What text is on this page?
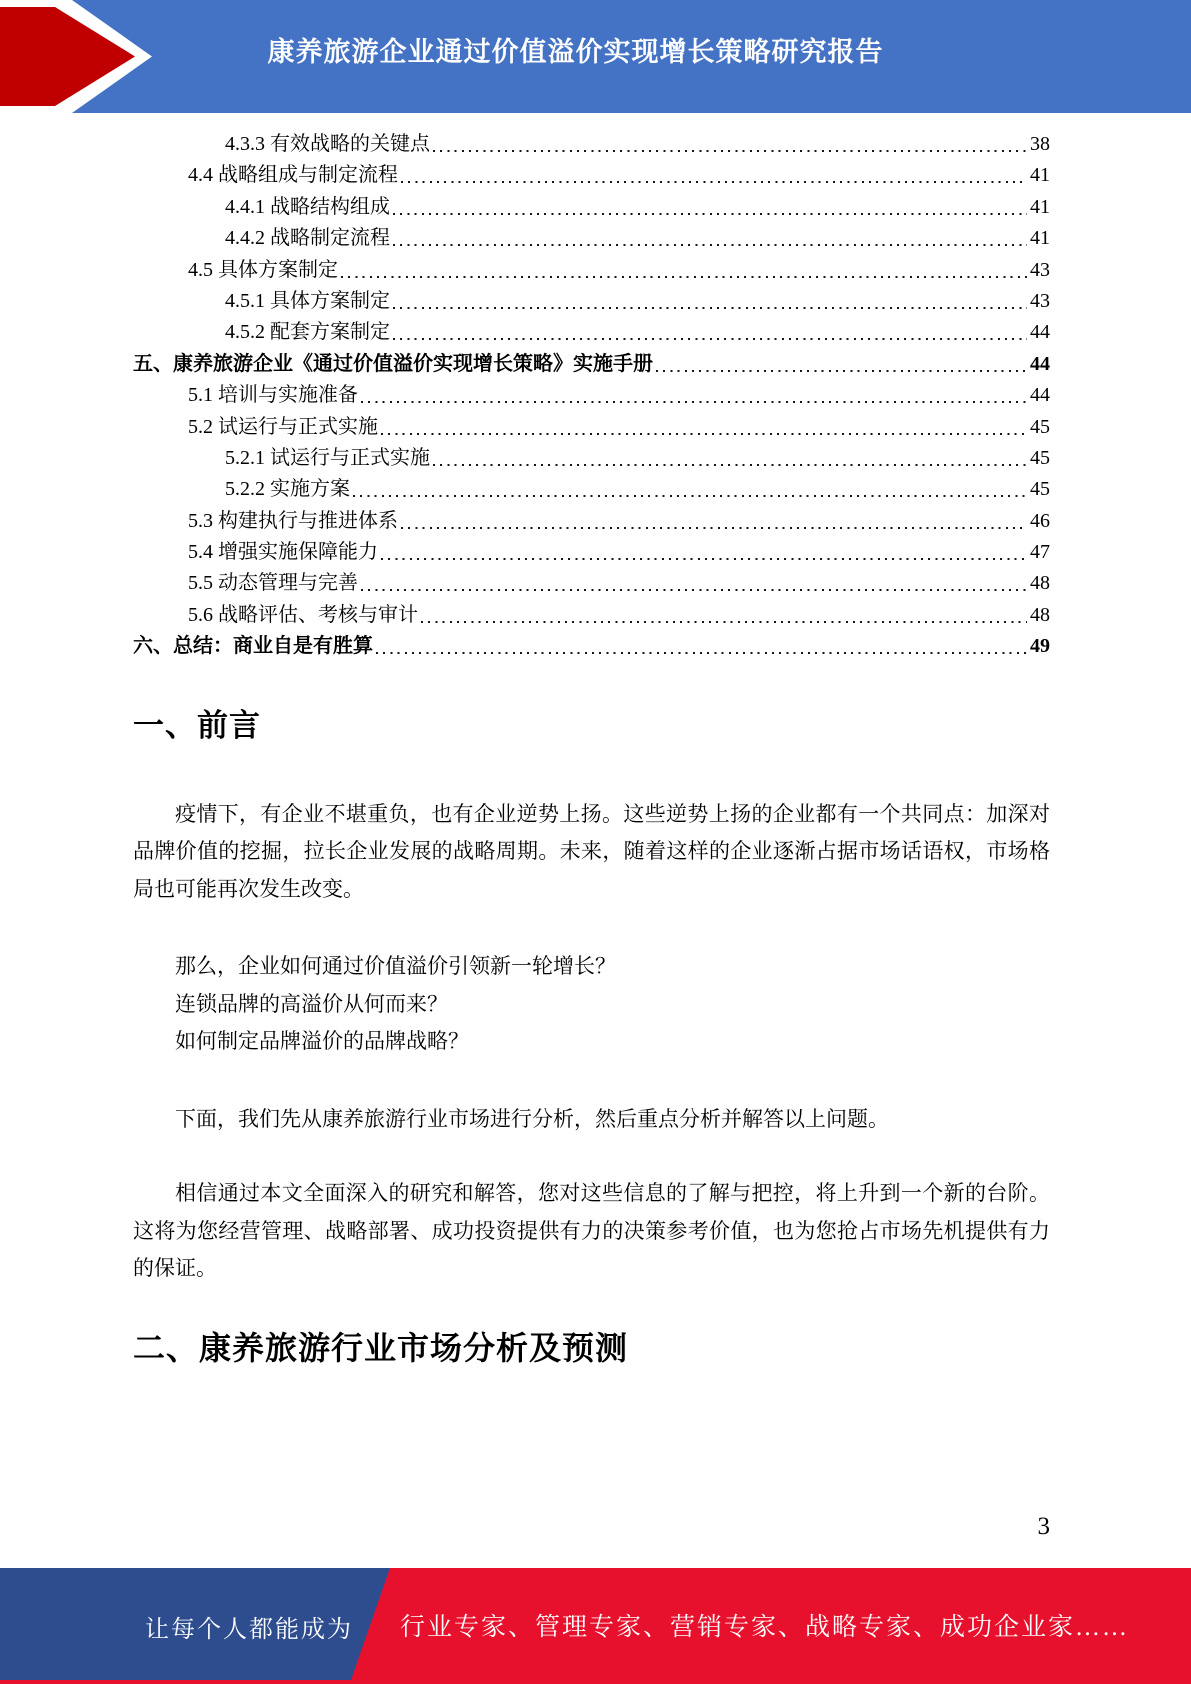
康养旅游企业通过价值溢价实现增长策略研究报告
4.3.3 有效战略的关键点	38
4.4 战略组成与制定流程	41
4.4.1 战略结构组成	41
4.4.2 战略制定流程	41
4.5 具体方案制定	43
4.5.1 具体方案制定	43
4.5.2 配套方案制定	44
五、康养旅游企业《通过价值溢价实现增长策略》实施手册	44
5.1 培训与实施准备	44
5.2 试运行与正式实施	45
5.2.1 试运行与正式实施	45
5.2.2 实施方案	45
5.3 构建执行与推进体系	46
5.4 增强实施保障能力	47
5.5 动态管理与完善	48
5.6 战略评估、考核与审计	48
六、总结：商业自是有胜算	49
一、前言

疫情下，有企业不堪重负，也有企业逆势上扬。这些逆势上扬的企业都有一个共同点：加深对品牌价值的挖掘，拉长企业发展的战略周期。未来，随着这样的企业逐渐占据市场话语权，市场格局也可能再次发生改变。

那么，企业如何通过价值溢价引领新一轮增长？

连锁品牌的高溢价从何而来？

如何制定品牌溢价的品牌战略？

下面，我们先从康养旅游行业市场进行分析，然后重点分析并解答以上问题。

相信通过本文全面深入的研究和解答，您对这些信息的了解与把控，将上升到一个新的台阶。这将为您经营管理、战略部署、成功投资提供有力的决策参考价值，也为您抢占市场先机提供有力的保证。

二、康养旅游行业市场分析及预测
3
让每个人都能成为 行业专家、管理专家、营销专家、战略专家、成功企业家……
